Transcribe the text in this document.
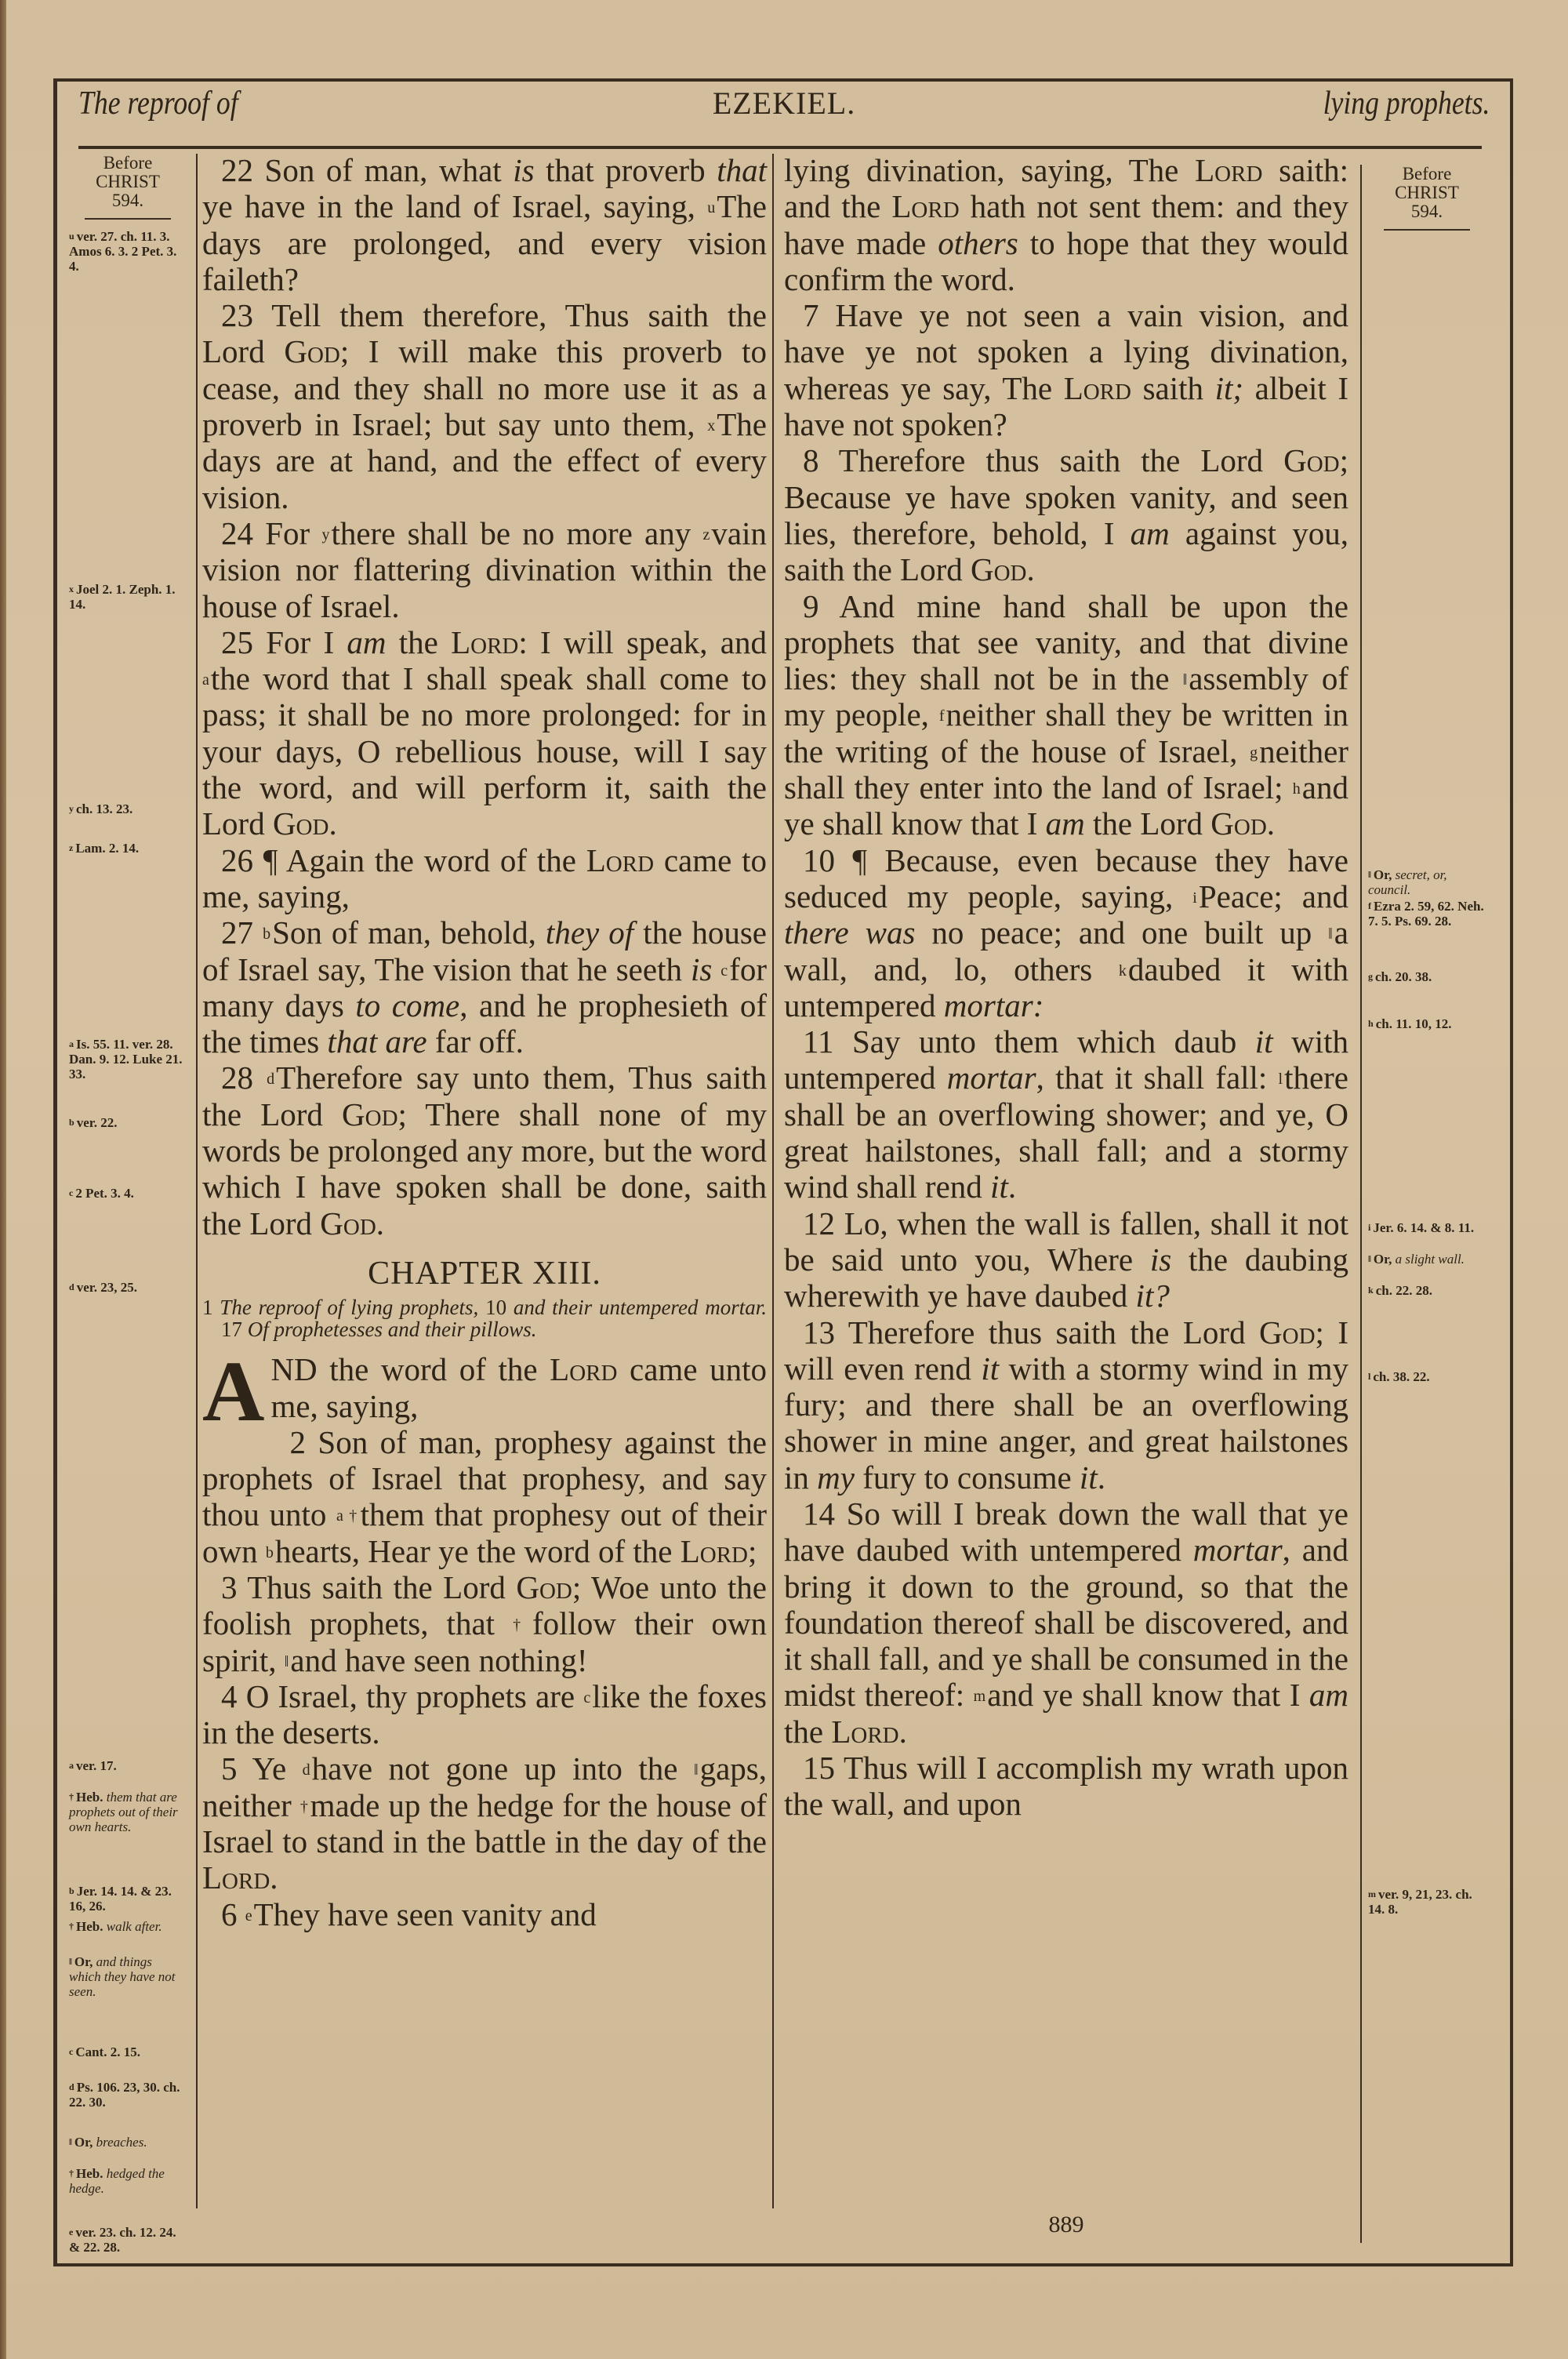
The reproof of	EZEKIEL.	lying prophets.
Before
CHRIST
594.
$^u$ ver. 27. ch. 11. 3. Amos 6. 3. 2 Pet. 3. 4.
$^x$ Joel 2. 1. Zeph. 1. 14.
$^y$ ch. 13. 23.
$^z$ Lam. 2. 14.
$^a$ Is. 55. 11. ver. 28. Dan. 9. 12. Luke 21. 33.
$^b$ ver. 22.
$^c$ 2 Pet. 3. 4.
$^d$ ver. 23, 25.
$^a$ ver. 17.
† Heb. them that are prophets out of their own hearts.
$^b$ Jer. 14. 14. & 23. 16, 26.
† Heb. walk after.
‖ Or, and things which they have not seen.
$^c$ Cant. 2. 15.
$^d$ Ps. 106. 23, 30. ch. 22. 30.
‖ Or, breaches.
† Heb. hedged the hedge.
$^e$ ver. 23. ch. 12. 24. & 22. 28.
Before
CHRIST
594.
‖ Or, secret, or, council.
$^f$ Ezra 2. 59, 62. Neh. 7. 5. Ps. 69. 28.
$^g$ ch. 20. 38.
$^h$ ch. 11. 10, 12.
$^i$ Jer. 6. 14. & 8. 11.
‖ Or, a slight wall.
$^k$ ch. 22. 28.
$^l$ ch. 38. 22.
$^m$ ver. 9, 21, 23. ch. 14. 8.

22 Son of man, what is that proverb that ye have in the land of Israel, saying, $^u$The days are prolonged, and every vision faileth?

23 Tell them therefore, Thus saith the Lord God; I will make this proverb to cease, and they shall no more use it as a proverb in Israel; but say unto them, $^x$The days are at hand, and the effect of every vision.

24 For $^y$there shall be no more any $^z$vain vision nor flattering divination within the house of Israel.

25 For I am the Lord: I will speak, and $^a$the word that I shall speak shall come to pass; it shall be no more prolonged: for in your days, O rebellious house, will I say the word, and will perform it, saith the Lord God.

26 ¶ Again the word of the Lord came to me, saying,

27 $^b$Son of man, behold, they of the house of Israel say, The vision that he seeth is $^c$for many days to come, and he prophesieth of the times that are far off.

28 $^d$Therefore say unto them, Thus saith the Lord God; There shall none of my words be prolonged any more, but the word which I have spoken shall be done, saith the Lord God.

CHAPTER XIII.

1 The reproof of lying prophets, 10 and their untempered mortar. 17 Of prophetesses and their pillows.

AND the word of the Lord came unto me, saying,

2 Son of man, prophesy against the prophets of Israel that prophesy, and say thou unto $^{a \dagger}$them that prophesy out of their own $^b$hearts, Hear ye the word of the Lord;

3 Thus saith the Lord God; Woe unto the foolish prophets, that †follow their own spirit, ‖and have seen nothing!

4 O Israel, thy prophets are $^c$like the foxes in the deserts.

5 Ye $^d$have not gone up into the ‖gaps, neither †made up the hedge for the house of Israel to stand in the battle in the day of the Lord.

6 $^e$They have seen vanity and

lying divination, saying, The Lord saith: and the Lord hath not sent them: and they have made others to hope that they would confirm the word.

7 Have ye not seen a vain vision, and have ye not spoken a lying divination, whereas ye say, The Lord saith it; albeit I have not spoken?

8 Therefore thus saith the Lord God; Because ye have spoken vanity, and seen lies, therefore, behold, I am against you, saith the Lord God.

9 And mine hand shall be upon the prophets that see vanity, and that divine lies: they shall not be in the ‖assembly of my people, $^f$neither shall they be written in the writing of the house of Israel, $^g$neither shall they enter into the land of Israel; $^h$and ye shall know that I am the Lord God.

10 ¶ Because, even because they have seduced my people, saying, $^i$Peace; and there was no peace; and one built up ‖a wall, and, lo, others $^k$daubed it with untempered mortar:

11 Say unto them which daub it with untempered mortar, that it shall fall: $^l$there shall be an overflowing shower; and ye, O great hailstones, shall fall; and a stormy wind shall rend it.

12 Lo, when the wall is fallen, shall it not be said unto you, Where is the daubing wherewith ye have daubed it?

13 Therefore thus saith the Lord God; I will even rend it with a stormy wind in my fury; and there shall be an overflowing shower in mine anger, and great hailstones in my fury to consume it.

14 So will I break down the wall that ye have daubed with untempered mortar, and bring it down to the ground, so that the foundation thereof shall be discovered, and it shall fall, and ye shall be consumed in the midst thereof: $^m$and ye shall know that I am the Lord.

15 Thus will I accomplish my wrath upon the wall, and upon

889
